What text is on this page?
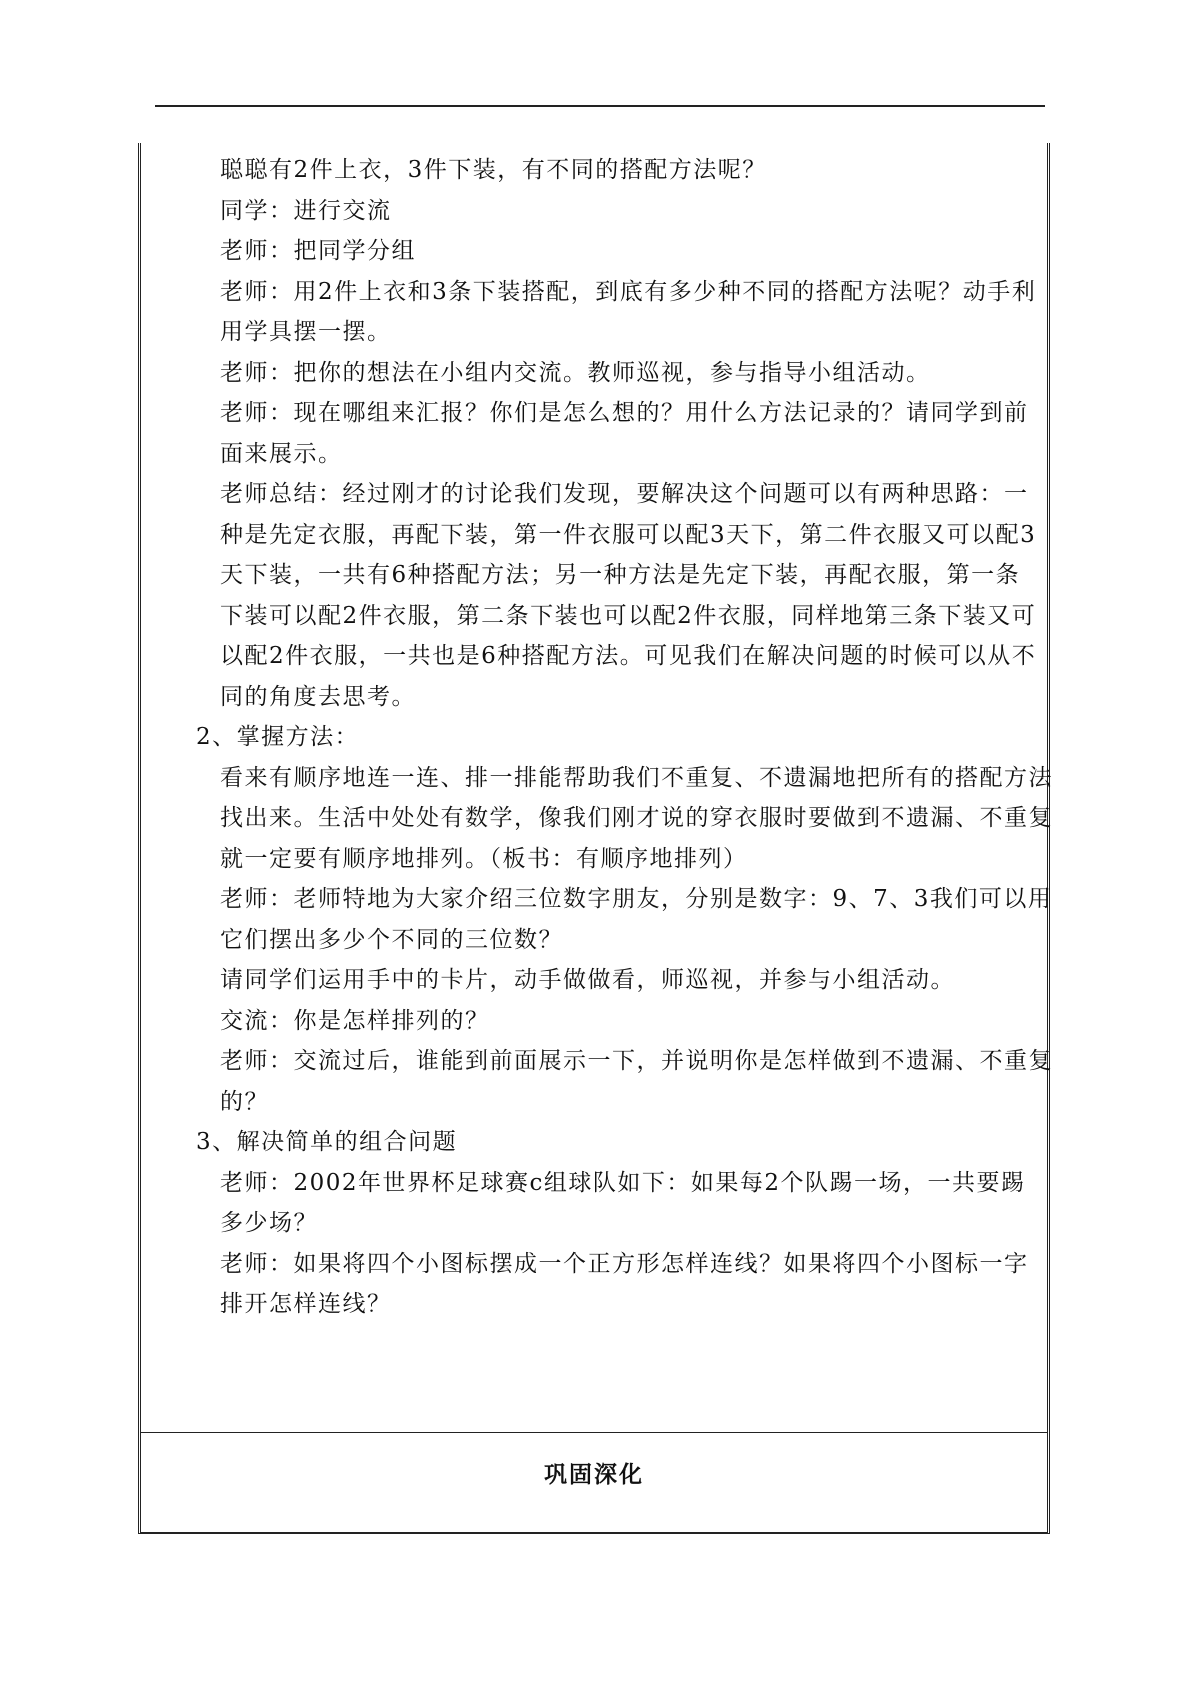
聪聪有2件上衣，3件下装，有不同的搭配方法呢？
同学：进行交流
老师：把同学分组
老师：用2件上衣和3条下装搭配，到底有多少种不同的搭配方法呢？动手利
用学具摆一摆。
老师：把你的想法在小组内交流。教师巡视，参与指导小组活动。
老师：现在哪组来汇报？你们是怎么想的？用什么方法记录的？请同学到前
面来展示。
老师总结：经过刚才的讨论我们发现，要解决这个问题可以有两种思路：一
种是先定衣服，再配下装，第一件衣服可以配3天下，第二件衣服又可以配3
天下装，一共有6种搭配方法；另一种方法是先定下装，再配衣服，第一条
下装可以配2件衣服，第二条下装也可以配2件衣服，同样地第三条下装又可
以配2件衣服，一共也是6种搭配方法。可见我们在解决问题的时候可以从不
同的角度去思考。
2、掌握方法：
看来有顺序地连一连、排一排能帮助我们不重复、不遗漏地把所有的搭配方法
找出来。生活中处处有数学，像我们刚才说的穿衣服时要做到不遗漏、不重复
就一定要有顺序地排列。（板书：有顺序地排列）
老师：老师特地为大家介绍三位数字朋友，分别是数字：9、7、3我们可以用
它们摆出多少个不同的三位数？
请同学们运用手中的卡片，动手做做看，师巡视，并参与小组活动。
交流：你是怎样排列的？
老师：交流过后，谁能到前面展示一下，并说明你是怎样做到不遗漏、不重复
的？
3、解决简单的组合问题
老师：2002年世界杯足球赛c组球队如下：如果每2个队踢一场，一共要踢
多少场？
老师：如果将四个小图标摆成一个正方形怎样连线？如果将四个小图标一字
排开怎样连线？
巩固深化
